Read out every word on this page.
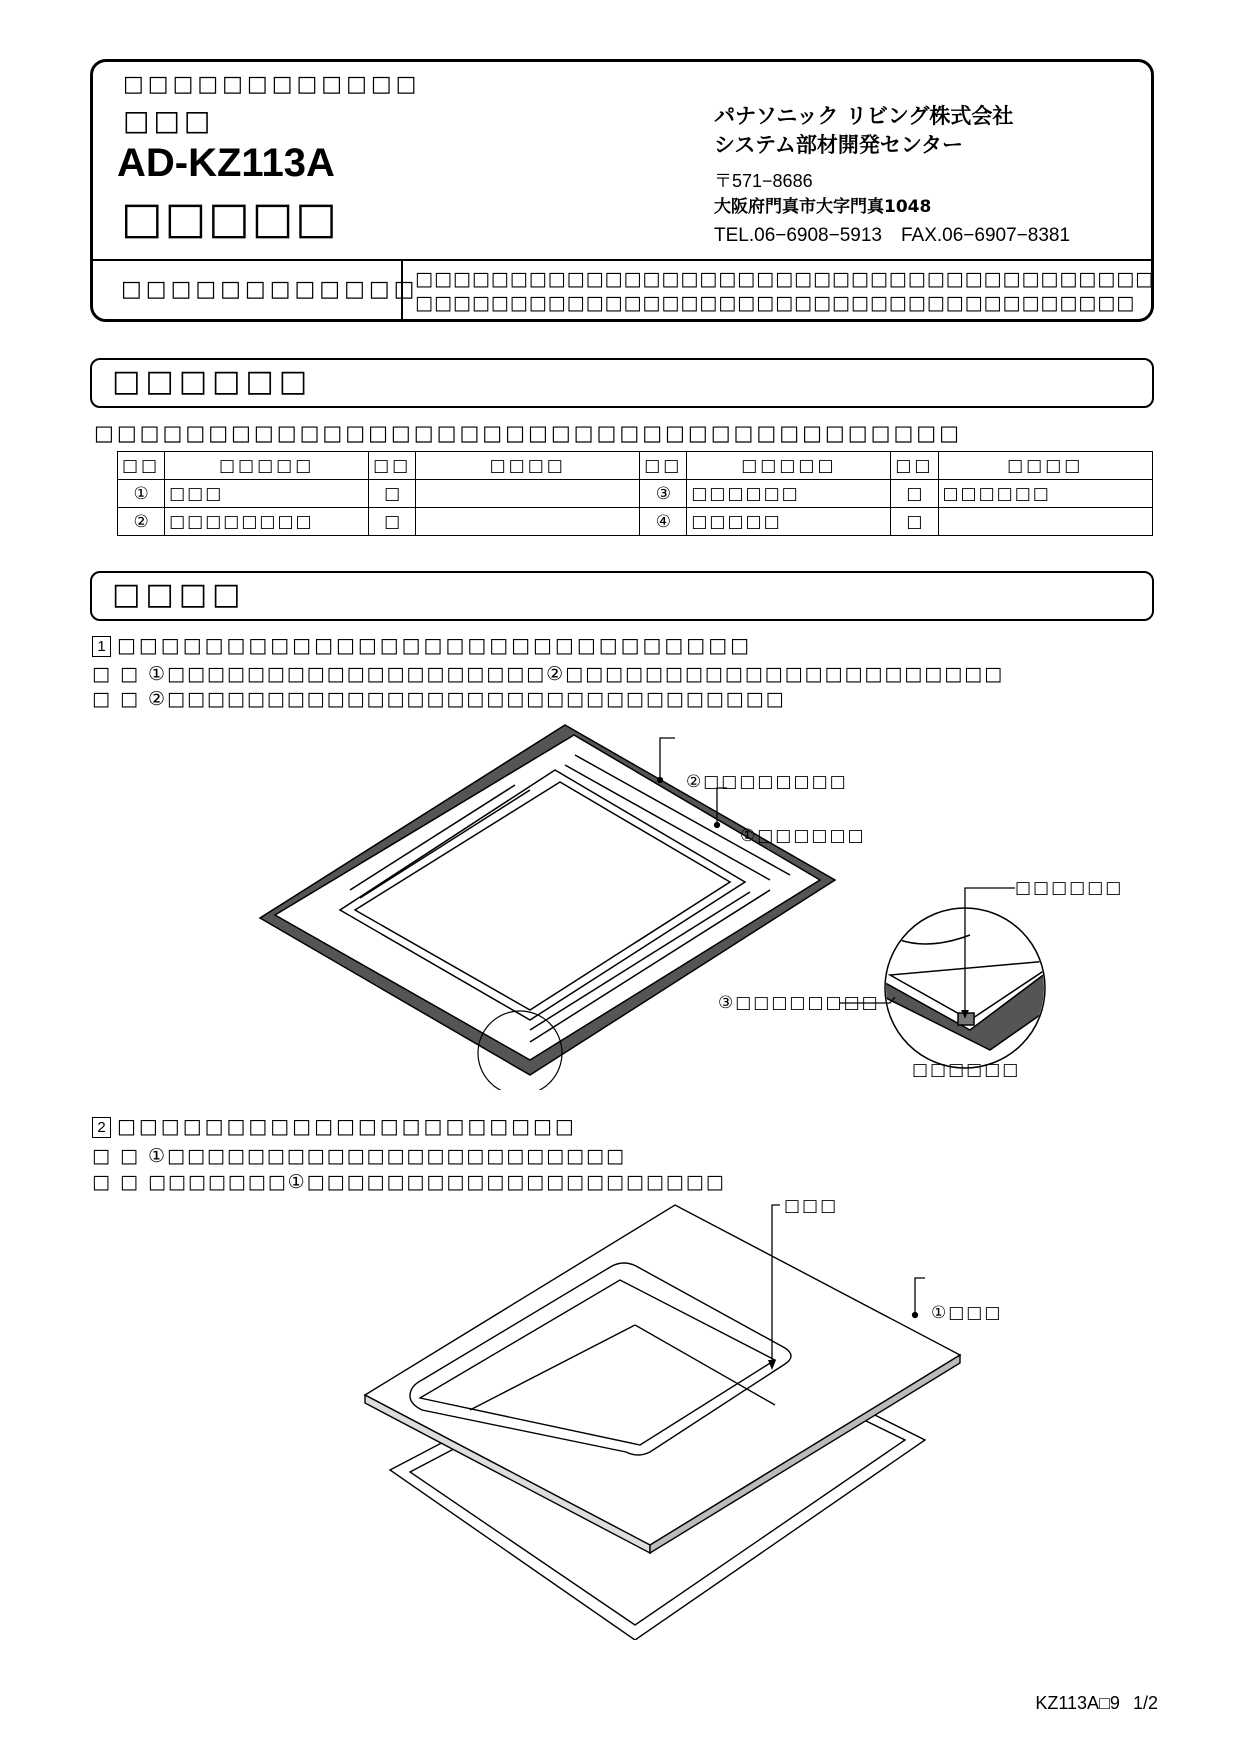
□□□□□□□□□□□□
□□□
AD-KZ113A
□□□□□
パナソニック リビング株式会社
システム部材開発センター
〒571−8686
大阪府門真市大字門真1048
TEL.06−6908−5913　FAX.06−6907−8381
□□□□□□□□□□□□
□□□□□□□□□□□□□□□□□□□□□□□□□□□□□□□□□□□□□□□
□□□□□□□□□□□□□□□□□□□□□□□□□□□□□□□□□□□□□□
□□□□□□
□□□□□□□□□□□□□□□□□□□□□□□□□□□□□□□□□□□□□□
□□	□□□□□	□□	□□□□	□□	□□□□□	□□	□□□□
①	□□□	□		③	□□□□□□	□	□□□□□□
②	□□□□□□□□	□		④	□□□□□	□	
□□□□
1 □□□□□□□□□□□□□□□□□□□□□□□□□□□□□
□ □ ①□□□□□□□□□□□□□□□□□□□②□□□□□□□□□□□□□□□□□□□□□□
□ □ ②□□□□□□□□□□□□□□□□□□□□□□□□□□□□□□□
②□□□□□□□□
①□□□□□□
□□□□□□
③□□□□□□□□
□□□□□□
2 □□□□□□□□□□□□□□□□□□□□□
□ □ ①□□□□□□□□□□□□□□□□□□□□□□□
□ □ □□□□□□□①□□□□□□□□□□□□□□□□□□□□□
□□□
①□□□
KZ113A□9 1/2
